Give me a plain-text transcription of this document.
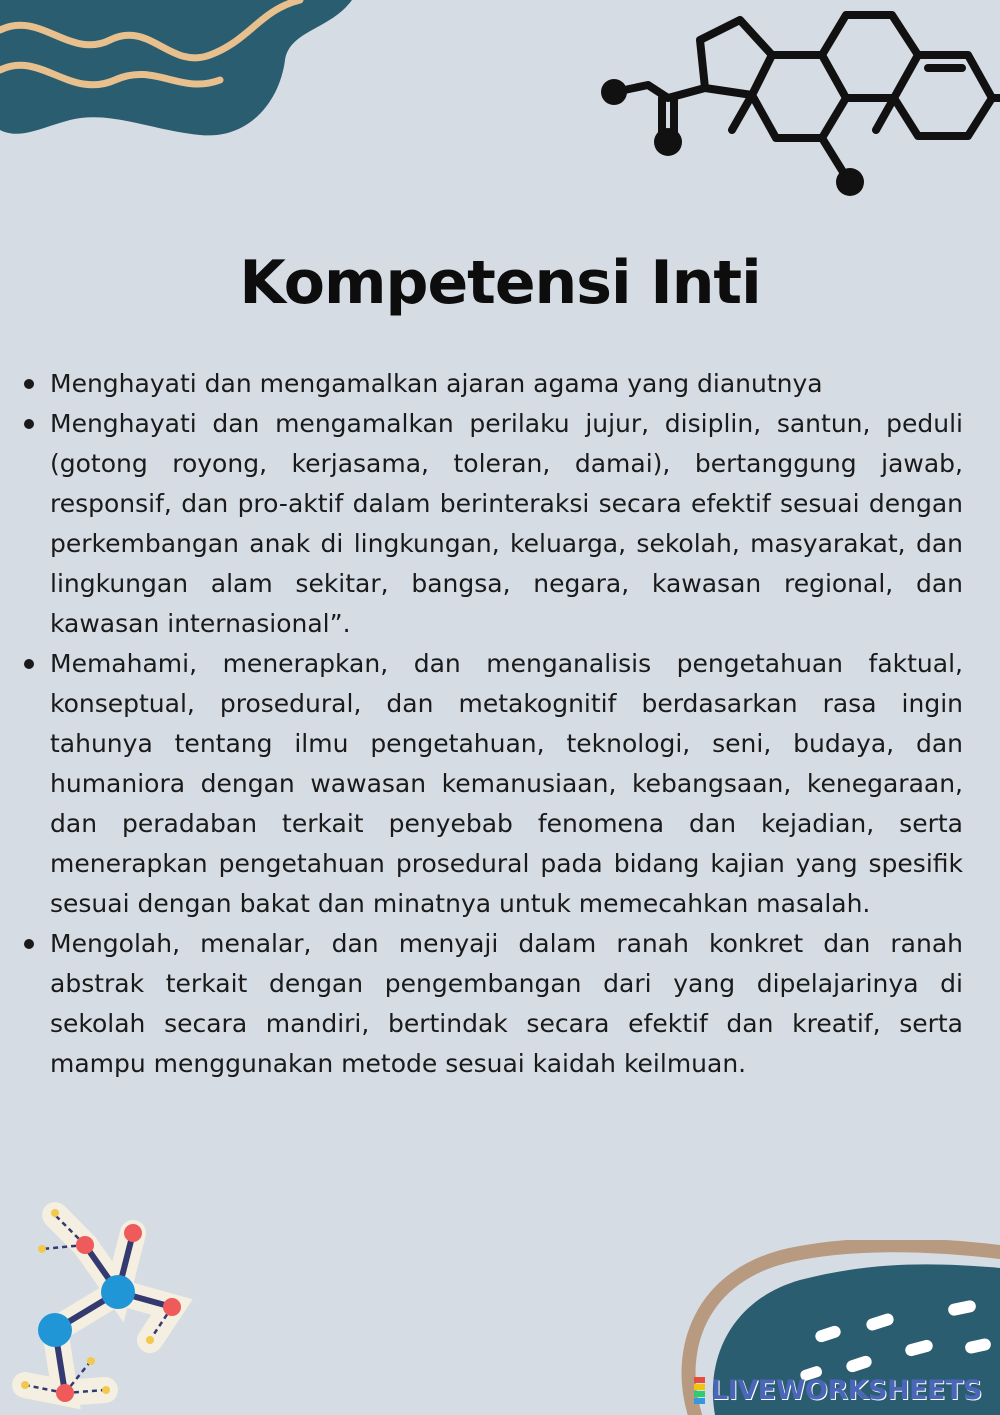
Kompetensi Inti
Menghayati dan mengamalkan ajaran agama yang dianutnya
Menghayati dan mengamalkan perilaku jujur, disiplin, santun, peduli (gotong royong, kerjasama, toleran, damai), bertanggung jawab, responsif, dan pro-aktif dalam berinteraksi secara efektif sesuai dengan perkembangan anak di lingkungan, keluarga, sekolah, masyarakat, dan lingkungan alam sekitar, bangsa, negara, kawasan regional, dan kawasan internasional”.
Memahami, menerapkan, dan menganalisis pengetahuan faktual, konseptual, prosedural, dan metakognitif berdasarkan rasa ingin tahunya tentang ilmu pengetahuan, teknologi, seni, budaya, dan humaniora dengan wawasan kemanusiaan, kebangsaan, kenegaraan, dan peradaban terkait penyebab fenomena dan kejadian, serta menerapkan pengetahuan prosedural pada bidang kajian yang spesifik sesuai dengan bakat dan minatnya untuk memecahkan masalah.
Mengolah, menalar, dan menyaji dalam ranah konkret dan ranah abstrak terkait dengan pengembangan dari yang dipelajarinya di sekolah secara mandiri, bertindak secara efektif dan kreatif, serta mampu menggunakan metode sesuai kaidah keilmuan.
LIVEWORKSHEETS
